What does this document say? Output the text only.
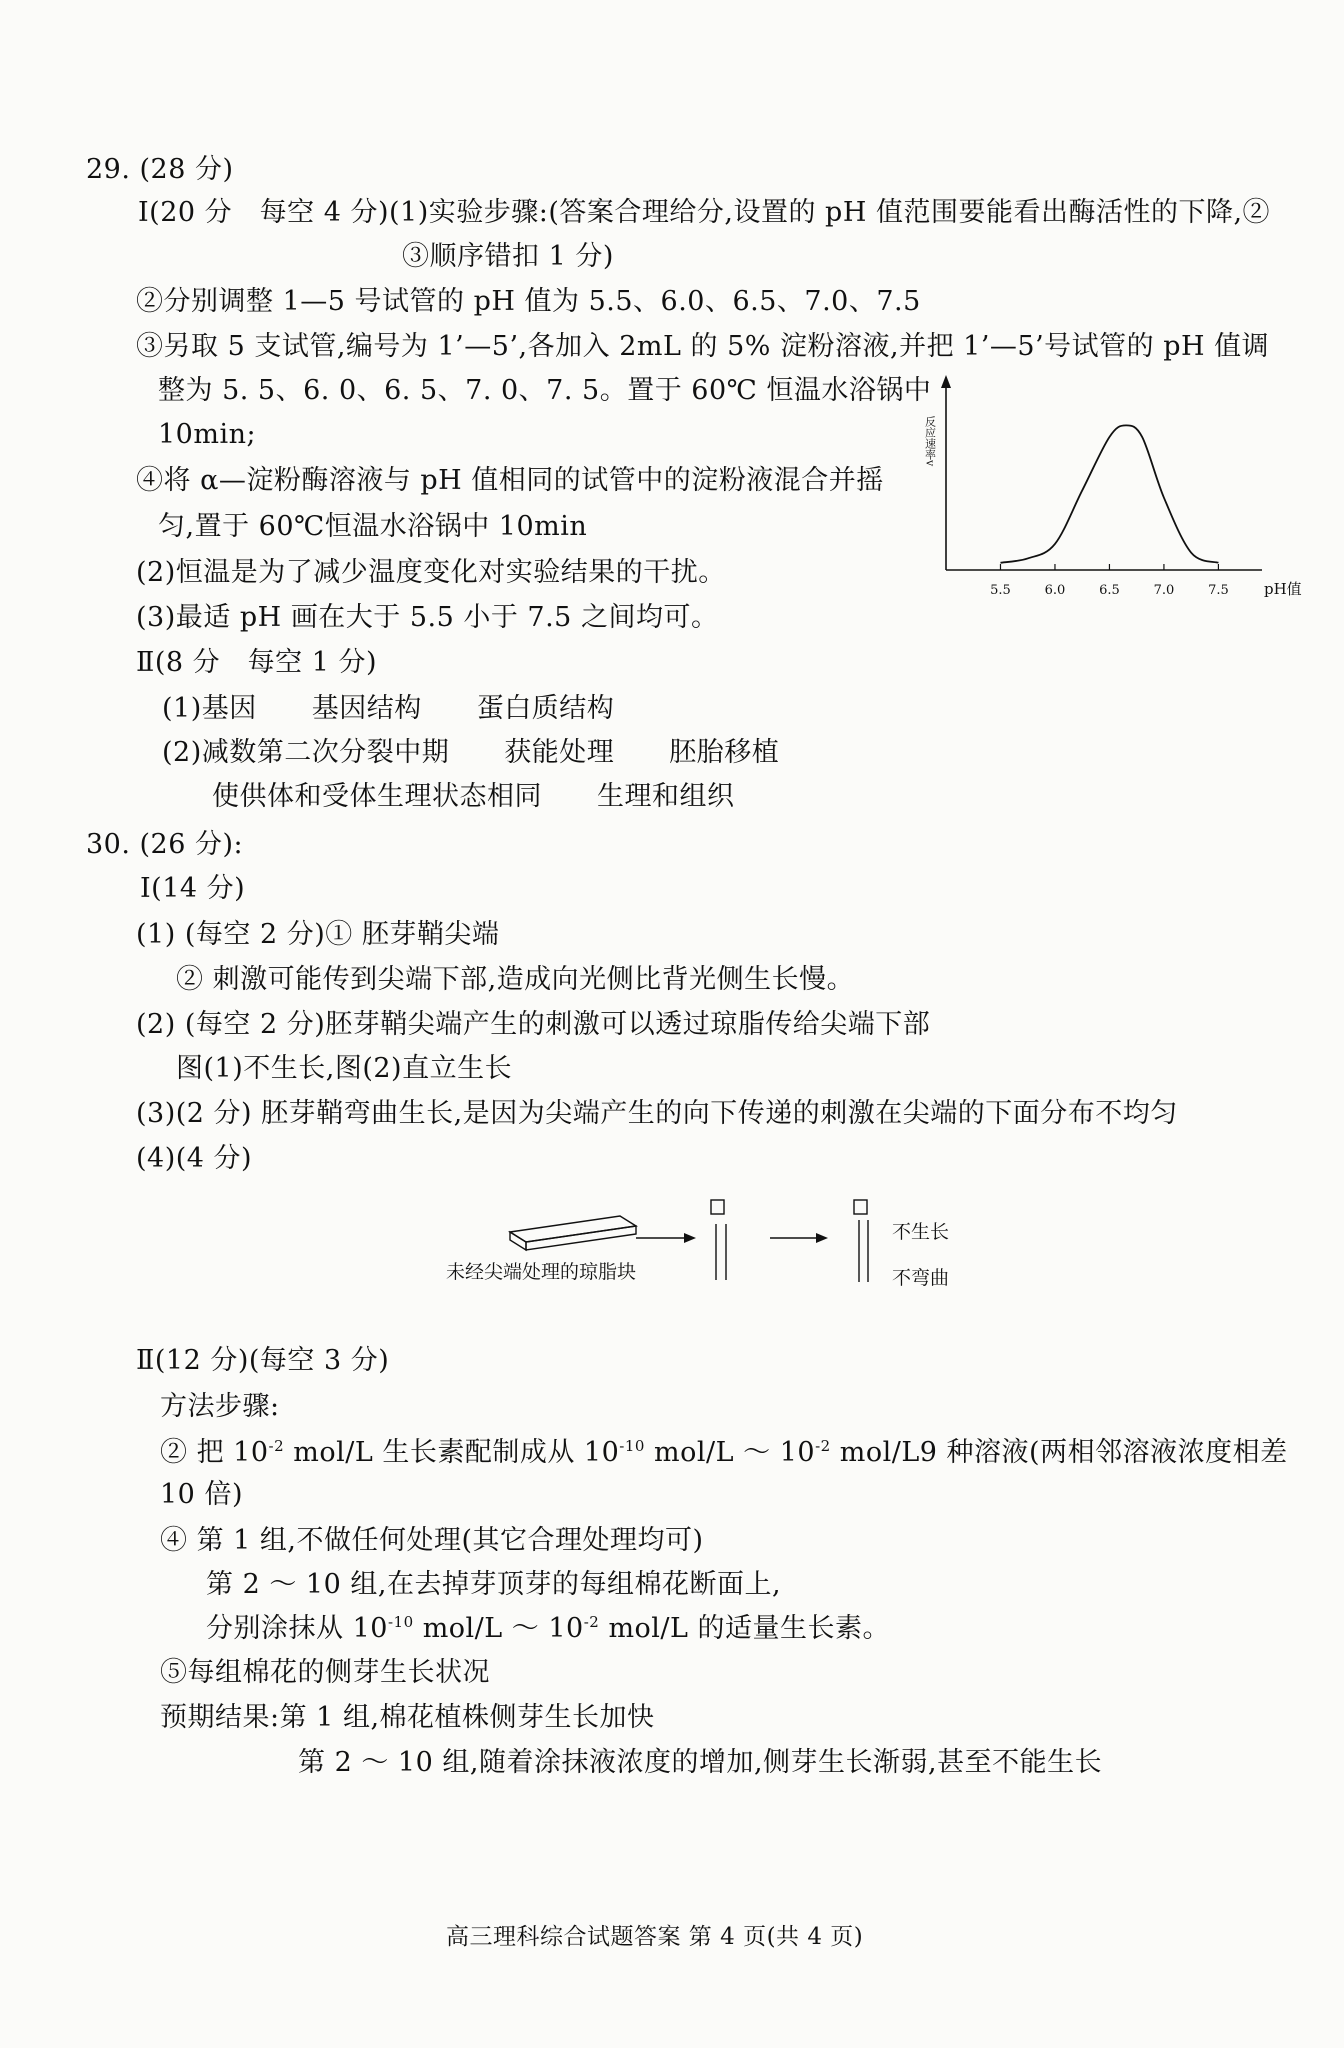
29. (28 分)
Ⅰ(20 分　每空 4 分)(1)实验步骤:(答案合理给分,设置的 pH 值范围要能看出酶活性的下降,②
③顺序错扣 1 分)
②分别调整 1—5 号试管的 pH 值为 5.5、6.0、6.5、7.0、7.5
③另取 5 支试管,编号为 1’—5’,各加入 2mL 的 5% 淀粉溶液,并把 1’—5’号试管的 pH 值调
整为 5. 5、6. 0、6. 5、7. 0、7. 5。置于 60℃ 恒温水浴锅中
10min;
④将 α—淀粉酶溶液与 pH 值相同的试管中的淀粉液混合并摇
匀,置于 60℃恒温水浴锅中 10min
(2)恒温是为了减少温度变化对实验结果的干扰。
(3)最适 pH 画在大于 5.5 小于 7.5 之间均可。
Ⅱ(8 分　每空 1 分)
(1)基因　　基因结构　　蛋白质结构
(2)减数第二次分裂中期　　获能处理　　胚胎移植
使供体和受体生理状态相同　　生理和组织
反应速率v
pH值
5.5	6.0	6.5	7.0	7.5
30. (26 分):
Ⅰ(14 分)
(1) (每空 2 分)① 胚芽鞘尖端
② 刺激可能传到尖端下部,造成向光侧比背光侧生长慢。
(2) (每空 2 分)胚芽鞘尖端产生的刺激可以透过琼脂传给尖端下部
图(1)不生长,图(2)直立生长
(3)(2 分) 胚芽鞘弯曲生长,是因为尖端产生的向下传递的刺激在尖端的下面分布不均匀
(4)(4 分)
未经尖端处理的琼脂块
不生长
不弯曲
Ⅱ(12 分)(每空 3 分)
方法步骤:
② 把 $10^{-2}$ mol/L 生长素配制成从 $10^{-10}$ mol/L ～ $10^{-2}$ mol/L9 种溶液(两相邻溶液浓度相差
10 倍)
④ 第 1 组,不做任何处理(其它合理处理均可)
第 2 ～ 10 组,在去掉芽顶芽的每组棉花断面上,
分别涂抹从 $10^{-10}$ mol/L ～ $10^{-2}$ mol/L 的适量生长素。
⑤每组棉花的侧芽生长状况
预期结果:第 1 组,棉花植株侧芽生长加快
第 2 ～ 10 组,随着涂抹液浓度的增加,侧芽生长渐弱,甚至不能生长
高三理科综合试题答案 第 4 页(共 4 页)
